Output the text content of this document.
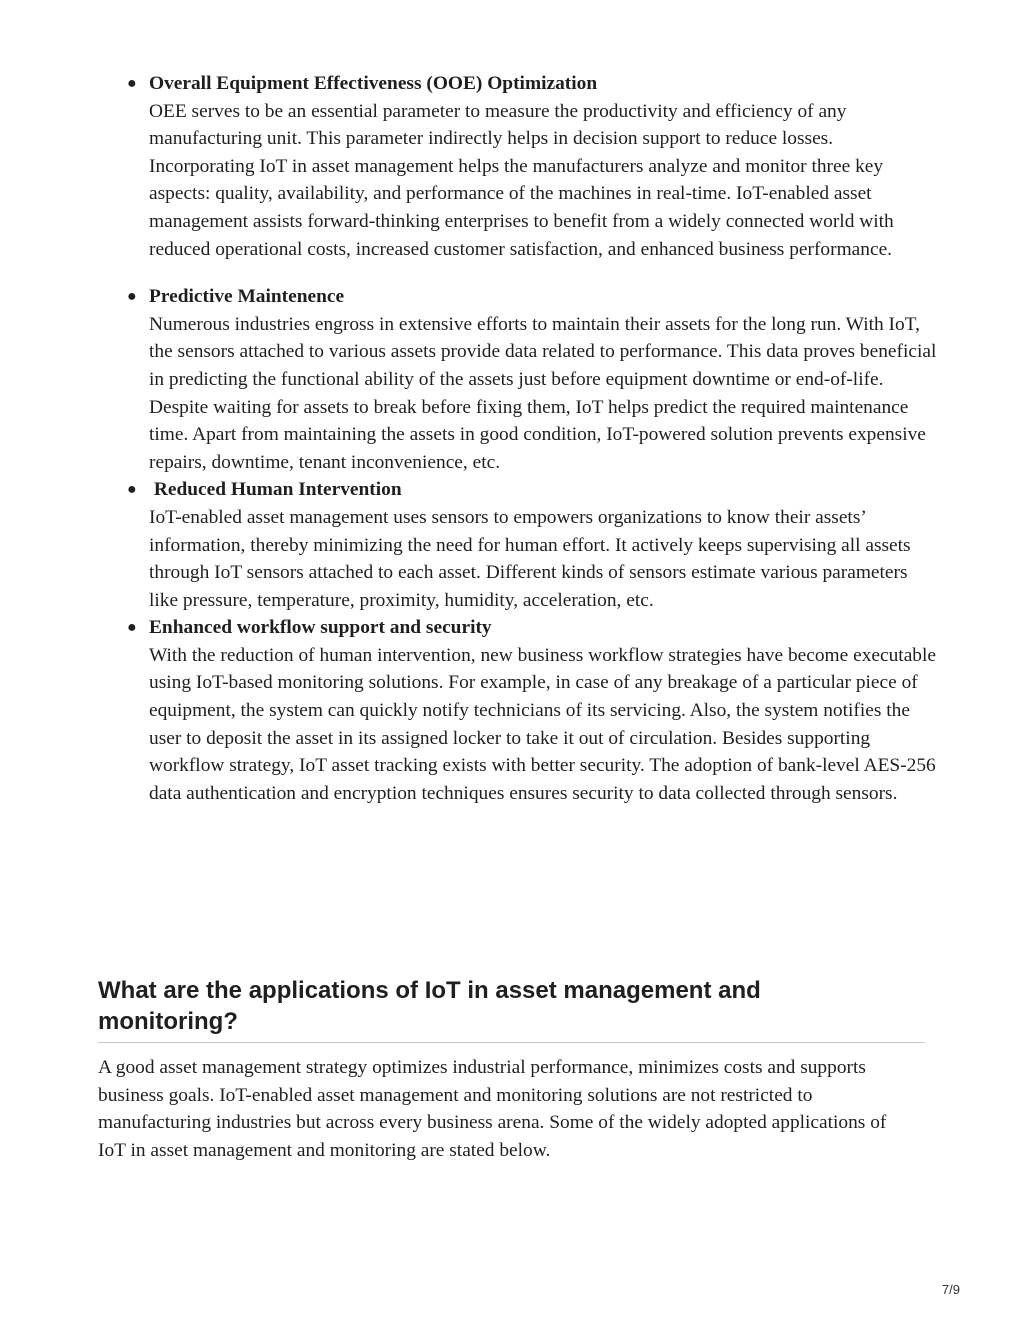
● Overall Equipment Effectiveness (OOE) Optimization
OEE serves to be an essential parameter to measure the productivity and efficiency of any manufacturing unit. This parameter indirectly helps in decision support to reduce losses. Incorporating IoT in asset management helps the manufacturers analyze and monitor three key aspects: quality, availability, and performance of the machines in real-time. IoT-enabled asset management assists forward-thinking enterprises to benefit from a widely connected world with reduced operational costs, increased customer satisfaction, and enhanced business performance.
● Predictive Maintenence
Numerous industries engross in extensive efforts to maintain their assets for the long run. With IoT, the sensors attached to various assets provide data related to performance. This data proves beneficial in predicting the functional ability of the assets just before equipment downtime or end-of-life. Despite waiting for assets to break before fixing them, IoT helps predict the required maintenance time. Apart from maintaining the assets in good condition, IoT-powered solution prevents expensive repairs, downtime, tenant inconvenience, etc.
● Reduced Human Intervention
IoT-enabled asset management uses sensors to empowers organizations to know their assets’ information, thereby minimizing the need for human effort. It actively keeps supervising all assets through IoT sensors attached to each asset. Different kinds of sensors estimate various parameters like pressure, temperature, proximity, humidity, acceleration, etc.
● Enhanced workflow support and security
With the reduction of human intervention, new business workflow strategies have become executable using IoT-based monitoring solutions. For example, in case of any breakage of a particular piece of equipment, the system can quickly notify technicians of its servicing. Also, the system notifies the user to deposit the asset in its assigned locker to take it out of circulation. Besides supporting workflow strategy, IoT asset tracking exists with better security. The adoption of bank-level AES-256 data authentication and encryption techniques ensures security to data collected through sensors.
What are the applications of IoT in asset management and monitoring?

A good asset management strategy optimizes industrial performance, minimizes costs and supports business goals. IoT-enabled asset management and monitoring solutions are not restricted to manufacturing industries but across every business arena. Some of the widely adopted applications of IoT in asset management and monitoring are stated below.

7/9
